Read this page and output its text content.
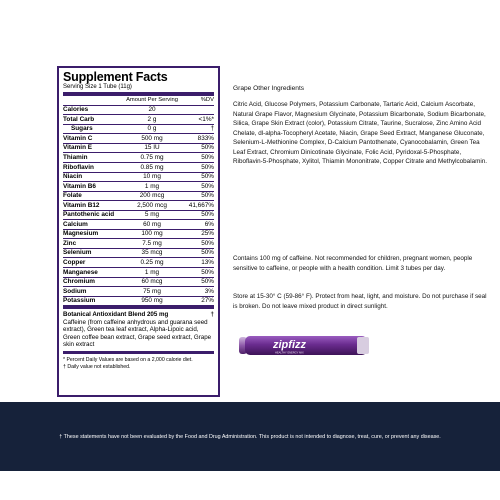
Supplement Facts
Serving Size 1 Tube (11g)
Amount Per Serving	%DV
Calories	20
Total Carb	2 g	<1%*
Sugars	0 g	†
Vitamin C	500 mg	833%
Vitamin E	15 IU	50%
Thiamin	0.75 mg	50%
Riboflavin	0.85 mg	50%
Niacin	10 mg	50%
Vitamin B6	1 mg	50%
Folate	200 mcg	50%
Vitamin B12	2,500 mcg	41,667%
Pantothenic acid	5 mg	50%
Calcium	60 mg	6%
Magnesium	100 mg	25%
Zinc	7.5 mg	50%
Selenium	35 mcg	50%
Copper	0.25 mg	13%
Manganese	1 mg	50%
Chromium	60 mcg	50%
Sodium	75 mg	3%
Potassium	950 mg	27%
Botanical Antioxidant Blend 205 mg	†
Caffeine (from caffeine anhydrous and guarana seed extract), Green tea leaf extract, Alpha-Lipoic acid, Green coffee bean extract, Grape seed extract, Grape skin extract
* Percent Daily Values are based on a 2,000 calorie diet.
† Daily value not established.
Grape Other Ingredients
Citric Acid, Glucose Polymers, Potassium Carbonate, Tartaric Acid, Calcium Ascorbate, Natural Grape Flavor, Magnesium Glycinate, Potassium Bicarbonate, Sodium Bicarbonate, Silica, Grape Skin Extract (color), Potassium Citrate, Taurine, Sucralose, Zinc Amino Acid Chelate, dl-alpha-Tocopheryl Acetate, Niacin, Grape Seed Extract, Manganese Gluconate, Selenium-L-Methionine Complex, D-Calcium Pantothenate, Cyanocobalamin, Green Tea Leaf Extract, Chromium Dinicotinate Glycinate, Folic Acid, Pyridoxal-5-Phosphate, Riboflavin-5-Phosphate, Xylitol, Thiamin Mononitrate, Copper Citrate and Methylcobalamin.
Contains 100 mg of caffeine. Not recommended for children, pregnant women, people sensitive to caffeine, or people with a health condition. Limit 3 tubes per day.
Store at 15-30° C (59-86° F). Protect from heat, light, and moisture. Do not purchase if seal is broken. Do not leave mixed product in direct sunlight.
zipfizz
HEALTHY ENERGY MIX
† These statements have not been evaluated by the Food and Drug Administration. This product is not intended to diagnose, treat, cure, or prevent any disease.
